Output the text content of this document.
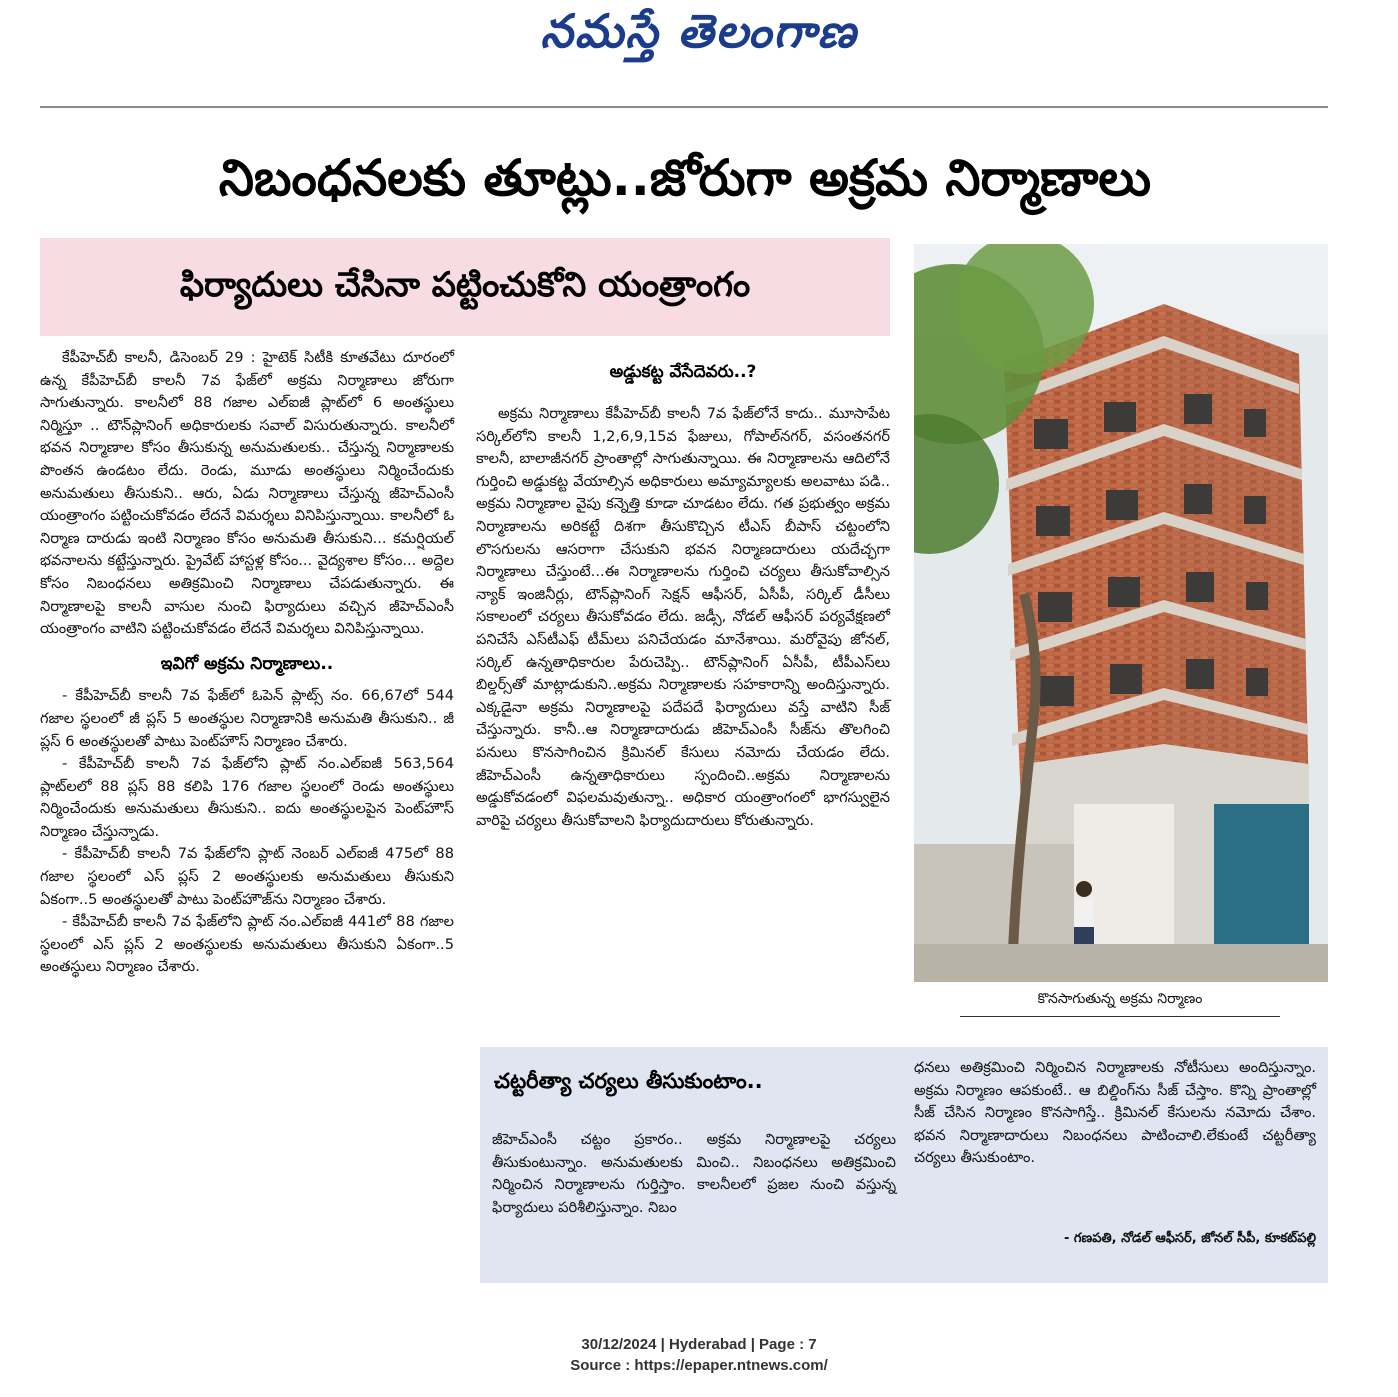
నమస్తే తెలంగాణ
నిబంధనలకు తూట్లు..జోరుగా అక్రమ నిర్మాణాలు
ఫిర్యాదులు చేసినా పట్టించుకోని యంత్రాంగం

కేపీహెచ్‌బీ కాలనీ, డిసెంబర్ 29 : హైటెక్ సిటీకి కూతవేటు దూరంలో ఉన్న కేపీహెచ్‌బీ కాలనీ 7వ ఫేజ్‌లో అక్రమ నిర్మాణాలు జోరుగా సాగుతున్నారు. కాలనీలో 88 గజాల ఎల్‌ఐజీ ప్లాట్‌లో 6 అంతస్థులు నిర్మిస్తూ .. టౌన్‌ప్లానింగ్ అధికారులకు సవాల్ విసురుతున్నారు. కాలనీలో భవన నిర్మాణాల కోసం తీసుకున్న అనుమతులకు.. చేస్తున్న నిర్మాణాలకు పొంతన ఉండటం లేదు. రెండు, మూడు అంతస్థులు నిర్మించేందుకు అనుమతులు తీసుకుని.. ఆరు, ఏడు నిర్మాణాలు చేస్తున్న జీహెచ్‌ఎంసీ యంత్రాంగం పట్టించుకోవడం లేదనే విమర్శలు వినిపిస్తున్నాయి. కాలనీలో ఓ నిర్మాణ దారుడు ఇంటి నిర్మాణం కోసం అనుమతి తీసుకుని... కమర్షియల్ భవనాలను కట్టేస్తున్నారు. ప్రైవేట్ హాస్టళ్ల కోసం... వైద్యశాల కోసం... అద్దెల కోసం నిబంధనలు అతిక్రమించి నిర్మాణాలు చేపడుతున్నారు. ఈ నిర్మాణాలపై కాలనీ వాసుల నుంచి ఫిర్యాదులు వచ్చిన జీహెచ్‌ఎంసీ యంత్రాంగం వాటిని పట్టించుకోవడం లేదనే విమర్శలు వినిపిస్తున్నాయి.

ఇవిగో అక్రమ నిర్మాణాలు..

- కేపీహెచ్‌బీ కాలనీ 7వ ఫేజ్‌లో ఓపెన్ ప్లాట్స్ నం. 66,67లో 544 గజాల స్థలంలో జీ ప్లస్ 5 అంతస్థుల నిర్మాణానికి అనుమతి తీసుకుని.. జీ ప్లస్ 6 అంతస్థులతో పాటు పెంట్‌హౌస్ నిర్మాణం చేశారు.

- కేపీహెచ్‌బీ కాలనీ 7వ ఫేజ్‌లోని ప్లాట్ నం.ఎల్‌ఐజీ 563,564 ప్లాట్‌లలో 88 ప్లస్ 88 కలిపి 176 గజాల స్థలంలో రెండు అంతస్థులు నిర్మించేందుకు అనుమతులు తీసుకుని.. ఐదు అంతస్థులపైన పెంట్‌హౌస్ నిర్మాణం చేస్తున్నాడు.

- కేపీహెచ్‌బీ కాలనీ 7వ ఫేజ్‌లోని ప్లాట్ నెంబర్ ఎల్‌ఐజీ 475లో 88 గజాల స్థలంలో ఎస్ ప్లస్ 2 అంతస్థులకు అనుమతులు తీసుకుని ఏకంగా..5 అంతస్థులతో పాటు పెంట్‌హౌజ్‌ను నిర్మాణం చేశారు.

- కేపీహెచ్‌బీ కాలనీ 7వ ఫేజ్‌లోని ప్లాట్ నం.ఎల్‌ఐజీ 441లో 88 గజాల స్థలంలో ఎస్ ప్లస్ 2 అంతస్థులకు అనుమతులు తీసుకుని ఏకంగా..5 అంతస్థులు నిర్మాణం చేశారు.

అడ్డుకట్ట వేసేదెవరు..?

అక్రమ నిర్మాణాలు కేపీహెచ్‌బీ కాలనీ 7వ ఫేజ్‌లోనే కాదు.. మూసాపేట సర్కిల్‌లోని కాలనీ 1,2,6,9,15వ ఫేజులు, గోపాల్‌నగర్, వసంతనగర్ కాలనీ, బాలాజీనగర్ ప్రాంతాల్లో సాగుతున్నాయి. ఈ నిర్మాణాలను ఆదిలోనే గుర్తించి అడ్డుకట్ట వేయాల్సిన అధికారులు అమ్యామ్యాలకు అలవాటు పడి.. అక్రమ నిర్మాణాల వైపు కన్నెత్తి కూడా చూడటం లేదు. గత ప్రభుత్వం అక్రమ నిర్మాణాలను అరికట్టే దిశగా తీసుకొచ్చిన టీఎస్ బీపాస్ చట్టంలోని లొసగులను ఆసరాగా చేసుకుని భవన నిర్మాణదారులు యదేచ్ఛగా నిర్మాణాలు చేస్తుంటే...ఈ నిర్మాణాలను గుర్తించి చర్యలు తీసుకోవాల్సిన న్యాక్ ఇంజినీర్లు, టౌన్‌ప్లానింగ్ సెక్షన్ ఆఫీసర్, ఏసీపీ, సర్కిల్ డీసీలు సకాలంలో చర్యలు తీసుకోవడం లేదు. జడ్సీ, నోడల్ ఆఫీసర్ పర్యవేక్షణలో పనిచేసే ఎస్‌టీఎఫ్ టీమ్‌లు పనిచేయడం మానేశాయి. మరోవైపు జోనల్, సర్కిల్ ఉన్నతాధికారుల పేరుచెప్పి.. టౌన్‌ప్లానింగ్ ఏసీపీ, టీపీఎస్‌లు బిల్డర్స్‌తో మాట్లాడుకుని..అక్రమ నిర్మాణాలకు సహకారాన్ని అందిస్తున్నారు. ఎక్కడైనా అక్రమ నిర్మాణాలపై పదేపదే ఫిర్యాదులు వస్తే వాటిని సీజ్ చేస్తున్నారు. కానీ..ఆ నిర్మాణాదారుడు జీహెచ్‌ఎంసీ సీజ్‌ను తొలగించి పనులు కొనసాగించిన క్రిమినల్ కేసులు నమోదు చేయడం లేదు. జీహెచ్‌ఎంసీ ఉన్నతాధికారులు స్పందించి..అక్రమ నిర్మాణాలను అడ్డుకోవడంలో విఫలమవుతున్నా.. అధికార యంత్రాంగంలో భాగస్వులైన వారిపై చర్యలు తీసుకోవాలని ఫిర్యాదుదారులు కోరుతున్నారు.

కొనసాగుతున్న అక్రమ నిర్మాణం
చట్టరీత్యా చర్యలు తీసుకుంటాం..
జీహెచ్‌ఎంసీ చట్టం ప్రకారం.. అక్రమ నిర్మాణాలపై చర్యలు తీసుకుంటున్నాం. అనుమతులకు మించి.. నిబంధనలు అతిక్రమించి నిర్మించిన నిర్మాణాలను గుర్తిస్తాం. కాలనీలలో ప్రజల నుంచి వస్తున్న ఫిర్యాదులు పరిశీలిస్తున్నాం. నిబం
ధనలు అతిక్రమించి నిర్మించిన నిర్మాణాలకు నోటీసులు అందిస్తున్నాం. అక్రమ నిర్మాణం ఆపకుంటే.. ఆ బిల్డింగ్‌ను సీజ్ చేస్తాం. కొన్ని ప్రాంతాల్లో సీజ్ చేసిన నిర్మాణం కొనసాగిస్తే.. క్రిమినల్ కేసులను నమోదు చేశాం. భవన నిర్మాణాదారులు నిబంధనలు పాటించాలి.లేకుంటే చట్టరీత్యా చర్యలు తీసుకుంటాం.
- గణపతి, నోడల్ ఆఫీసర్, జోనల్ సీపీ, కూకట్‌పల్లి
30/12/2024 | Hyderabad | Page : 7
Source : https://epaper.ntnews.com/
